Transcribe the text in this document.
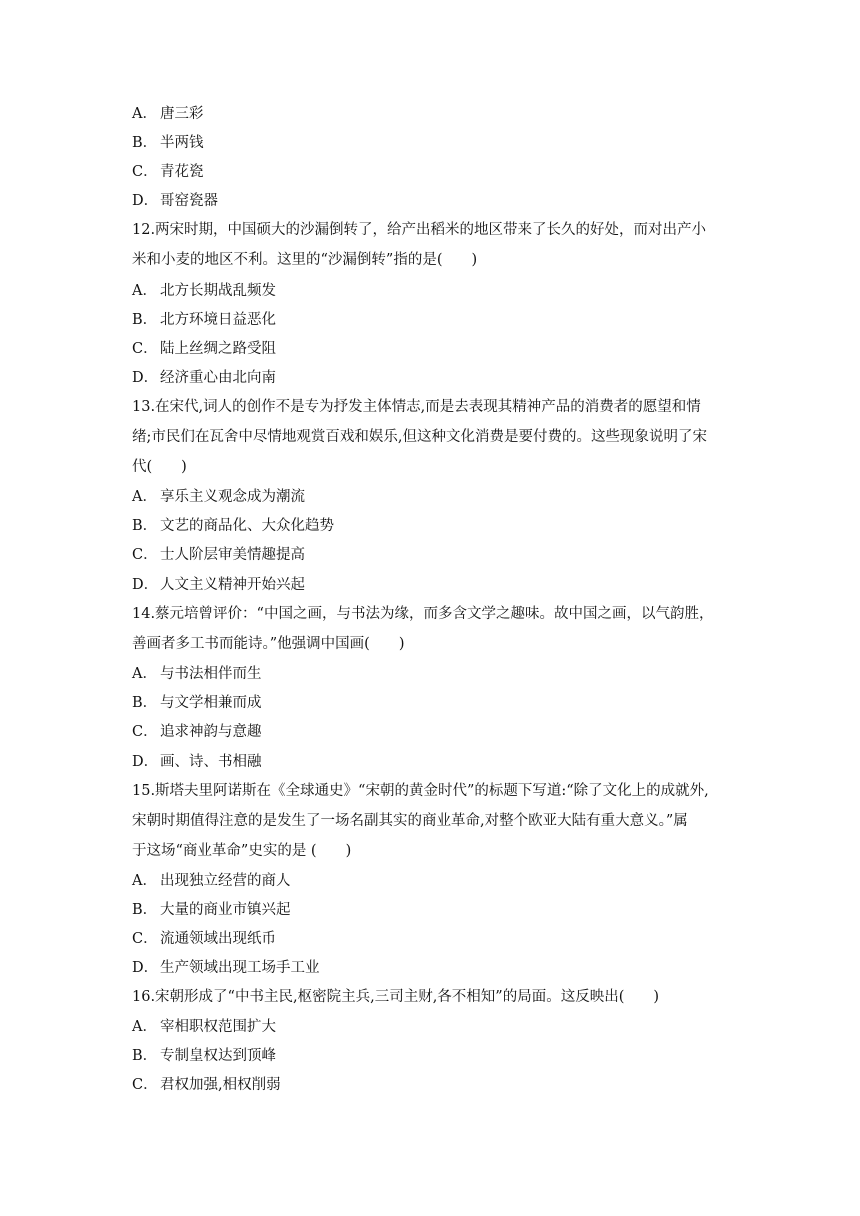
A． 唐三彩
B． 半两钱
C． 青花瓷
D． 哥窑瓷器
12.两宋时期，中国硕大的沙漏倒转了，给产出稻米的地区带来了长久的好处，而对出产小
米和小麦的地区不利。这里的“沙漏倒转”指的是(　　)
A． 北方长期战乱频发
B． 北方环境日益恶化
C． 陆上丝绸之路受阻
D． 经济重心由北向南
13.在宋代,词人的创作不是专为抒发主体情志,而是去表现其精神产品的消费者的愿望和情
绪;市民们在瓦舍中尽情地观赏百戏和娱乐,但这种文化消费是要付费的。这些现象说明了宋
代(　　)
A． 享乐主义观念成为潮流
B． 文艺的商品化、大众化趋势
C． 士人阶层审美情趣提高
D． 人文主义精神开始兴起
14.蔡元培曾评价：“中国之画，与书法为缘，而多含文学之趣味。故中国之画，以气韵胜，
善画者多工书而能诗。”他强调中国画(　　)
A． 与书法相伴而生
B． 与文学相兼而成
C． 追求神韵与意趣
D． 画、诗、书相融
15.斯塔夫里阿诺斯在《全球通史》“宋朝的黄金时代”的标题下写道:“除了文化上的成就外,
宋朝时期值得注意的是发生了一场名副其实的商业革命,对整个欧亚大陆有重大意义。”属
于这场“商业革命”史实的是 (　　)
A． 出现独立经营的商人
B． 大量的商业市镇兴起
C． 流通领域出现纸币
D． 生产领域出现工场手工业
16.宋朝形成了“中书主民,枢密院主兵,三司主财,各不相知”的局面。这反映出(　　)
A． 宰相职权范围扩大
B． 专制皇权达到顶峰
C． 君权加强,相权削弱
